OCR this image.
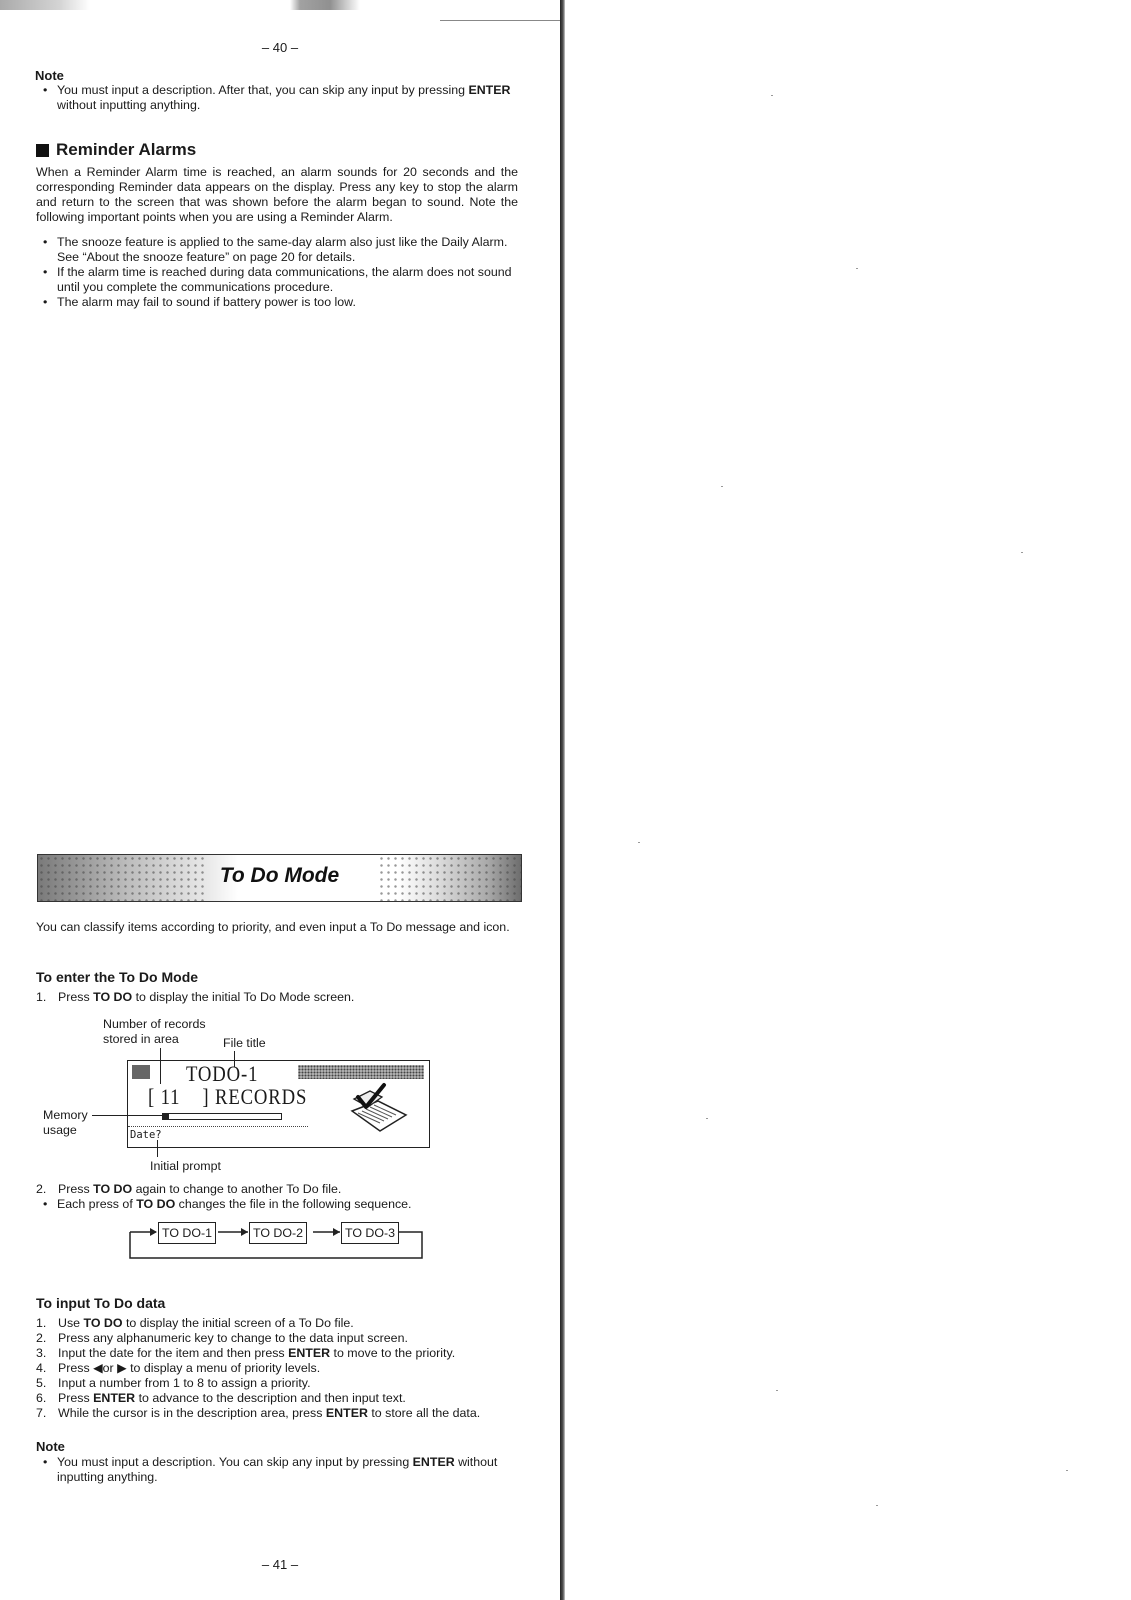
– 40 –
Note
• You must input a description. After that, you can skip any input by pressing ENTER without inputting anything.
Reminder Alarms

When a Reminder Alarm time is reached, an alarm sounds for 20 seconds and the corresponding Reminder data appears on the display. Press any key to stop the alarm and return to the screen that was shown before the alarm began to sound. Note the following important points when you are using a Reminder Alarm.

• The snooze feature is applied to the same-day alarm also just like the Daily Alarm. See “About the snooze feature” on page 20 for details.
• If the alarm time is reached during data communications, the alarm does not sound until you complete the communications procedure.
• The alarm may fail to sound if battery power is too low.
To Do Mode

You can classify items according to priority, and even input a To Do message and icon.

To enter the To Do Mode
1. Press TO DO to display the initial To Do Mode screen.
Number of records
stored in area	File title
Memory
usage
Initial prompt
TODO-1
[ 11    ] RECORDS
Date?
2. Press TO DO again to change to another To Do file.
• Each press of TO DO changes the file in the following sequence.
TO DO-1	TO DO-2	TO DO-3
To input To Do data
1. Use TO DO to display the initial screen of a To Do file.
2. Press any alphanumeric key to change to the data input screen.
3. Input the date for the item and then press ENTER to move to the priority.
4. Press ◀or ▶ to display a menu of priority levels.
5. Input a number from 1 to 8 to assign a priority.
6. Press ENTER to advance to the description and then input text.
7. While the cursor is in the description area, press ENTER to store all the data.
Note
• You must input a description. You can skip any input by pressing ENTER without inputting anything.
– 41 –
